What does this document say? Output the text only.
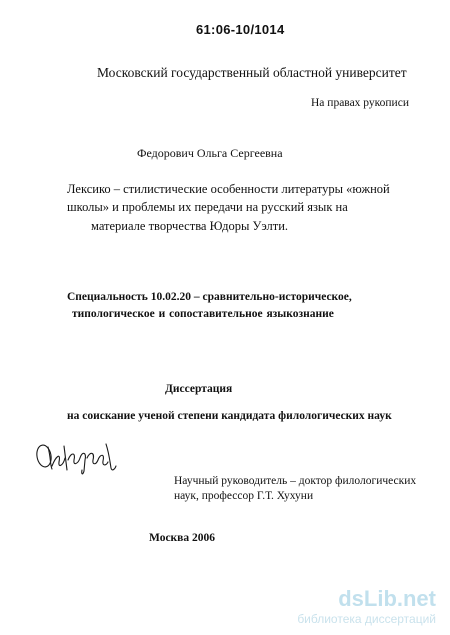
61:06-10/1014
Московский государственный областной университет
На правах рукописи
Федорович Ольга Сергеевна
Лексико – стилистические особенности литературы «южной
школы» и проблемы их передачи на русский язык на
материале творчества Юдоры Уэлти.
Специальность 10.02.20 – сравнительно-историческое,
типологическое и сопоставительное языкознание
Диссертация
на соискание ученой степени кандидата филологических наук
Научный руководитель – доктор филологических
наук, профессор Г.Т. Хухуни
Москва 2006
dsLib.net
библиотека диссертаций
